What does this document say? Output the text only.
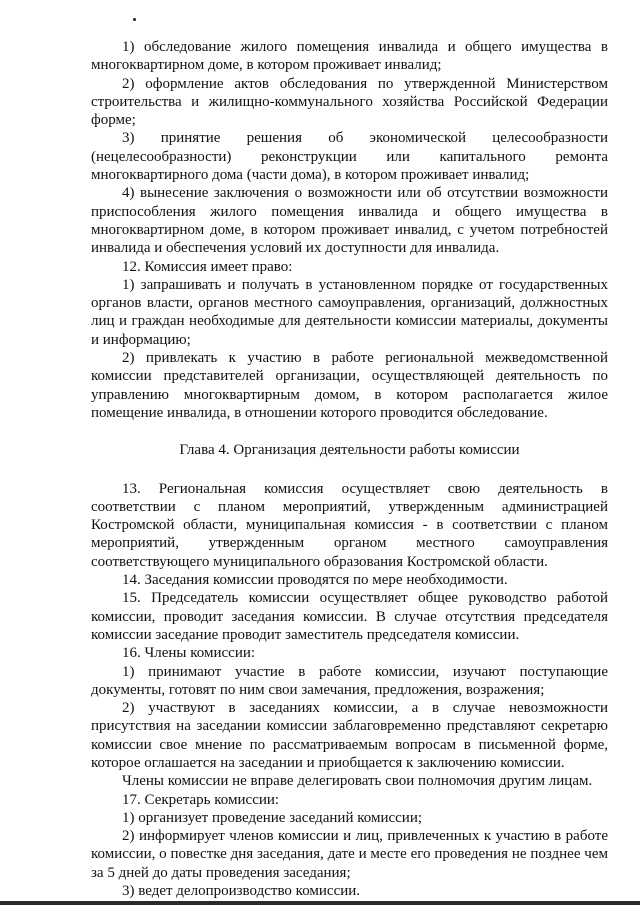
1) обследование жилого помещения инвалида и общего имущества в многоквартирном доме, в котором проживает инвалид;

2) оформление актов обследования по утвержденной Министерством строительства и жилищно-коммунального хозяйства Российской Федерации форме;

3) принятие решения об экономической целесообразности (нецелесообразности) реконструкции или капитального ремонта многоквартирного дома (части дома), в котором проживает инвалид;

4) вынесение заключения о возможности или об отсутствии возможности приспособления жилого помещения инвалида и общего имущества в многоквартирном доме, в котором проживает инвалид, с учетом потребностей инвалида и обеспечения условий их доступности для инвалида.

12. Комиссия имеет право:

1) запрашивать и получать в установленном порядке от государственных органов власти, органов местного самоуправления, организаций, должностных лиц и граждан необходимые для деятельности комиссии материалы, документы и информацию;

2) привлекать к участию в работе региональной межведомственной комиссии представителей организации, осуществляющей деятельность по управлению многоквартирным домом, в котором располагается жилое помещение инвалида, в отношении которого проводится обследование.

Глава 4. Организация деятельности работы комиссии

13. Региональная комиссия осуществляет свою деятельность в соответствии с планом мероприятий, утвержденным администрацией Костромской области, муниципальная комиссия - в соответствии с планом мероприятий, утвержденным органом местного самоуправления соответствующего муниципального образования Костромской области.

14. Заседания комиссии проводятся по мере необходимости.

15. Председатель комиссии осуществляет общее руководство работой комиссии, проводит заседания комиссии. В случае отсутствия председателя комиссии заседание проводит заместитель председателя комиссии.

16. Члены комиссии:

1) принимают участие в работе комиссии, изучают поступающие документы, готовят по ним свои замечания, предложения, возражения;

2) участвуют в заседаниях комиссии, а в случае невозможности присутствия на заседании комиссии заблаговременно представляют секретарю комиссии свое мнение по рассматриваемым вопросам в письменной форме, которое оглашается на заседании и приобщается к заключению комиссии.

Члены комиссии не вправе делегировать свои полномочия другим лицам.

17. Секретарь комиссии:

1) организует проведение заседаний комиссии;

2) информирует членов комиссии и лиц, привлеченных к участию в работе комиссии, о повестке дня заседания, дате и месте его проведения не позднее чем за 5 дней до даты проведения заседания;

3) ведет делопроизводство комиссии.
